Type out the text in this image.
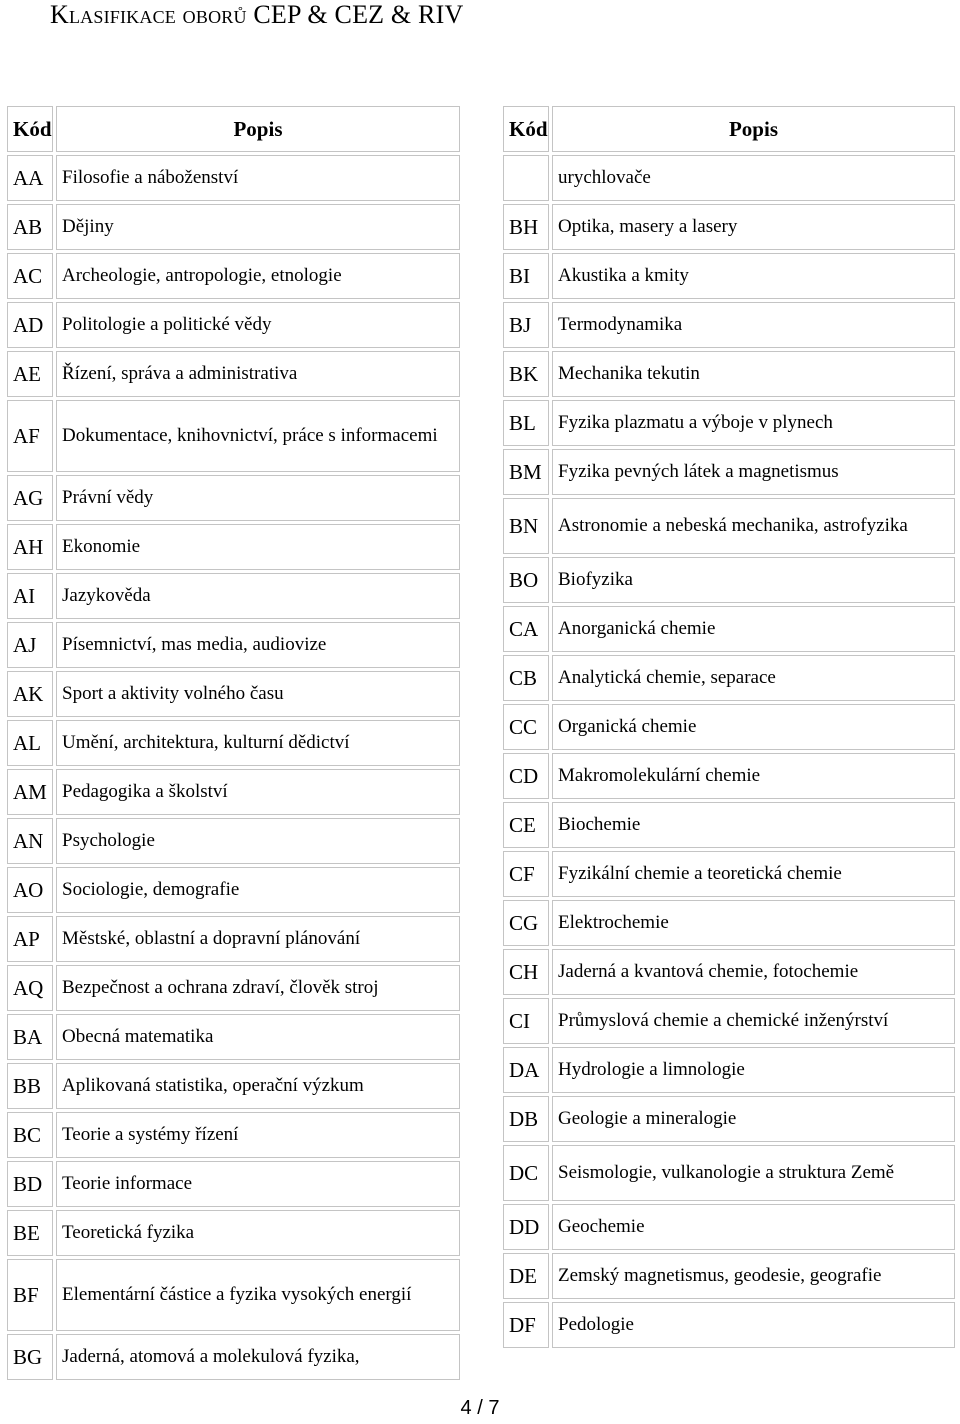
Klasifikace oborů CEP & CEZ & RIV
Kód	Popis
AA	Filosofie a náboženství
AB	Dějiny
AC	Archeologie, antropologie, etnologie
AD	Politologie a politické vědy
AE	Řízení, správa a administrativa
AF	Dokumentace, knihovnictví, práce s informacemi
AG	Právní vědy
AH	Ekonomie
AI	Jazykověda
AJ	Písemnictví, mas media, audiovize
AK	Sport a aktivity volného času
AL	Umění, architektura, kulturní dědictví
AM	Pedagogika a školství
AN	Psychologie
AO	Sociologie, demografie
AP	Městské, oblastní a dopravní plánování
AQ	Bezpečnost a ochrana zdraví, člověk stroj
BA	Obecná matematika
BB	Aplikovaná statistika, operační výzkum
BC	Teorie a systémy řízení
BD	Teorie informace
BE	Teoretická fyzika
BF	Elementární částice a fyzika vysokých energií
BG	Jaderná, atomová a molekulová fyzika,
Kód	Popis
	urychlovače
BH	Optika, masery a lasery
BI	Akustika a kmity
BJ	Termodynamika
BK	Mechanika tekutin
BL	Fyzika plazmatu a výboje v plynech
BM	Fyzika pevných látek a magnetismus
BN	Astronomie a nebeská mechanika, astrofyzika
BO	Biofyzika
CA	Anorganická chemie
CB	Analytická chemie, separace
CC	Organická chemie
CD	Makromolekulární chemie
CE	Biochemie
CF	Fyzikální chemie a teoretická chemie
CG	Elektrochemie
CH	Jaderná a kvantová chemie, fotochemie
CI	Průmyslová chemie a chemické inženýrství
DA	Hydrologie a limnologie
DB	Geologie a mineralogie
DC	Seismologie, vulkanologie a struktura Země
DD	Geochemie
DE	Zemský magnetismus, geodesie, geografie
DF	Pedologie
4 / 7
